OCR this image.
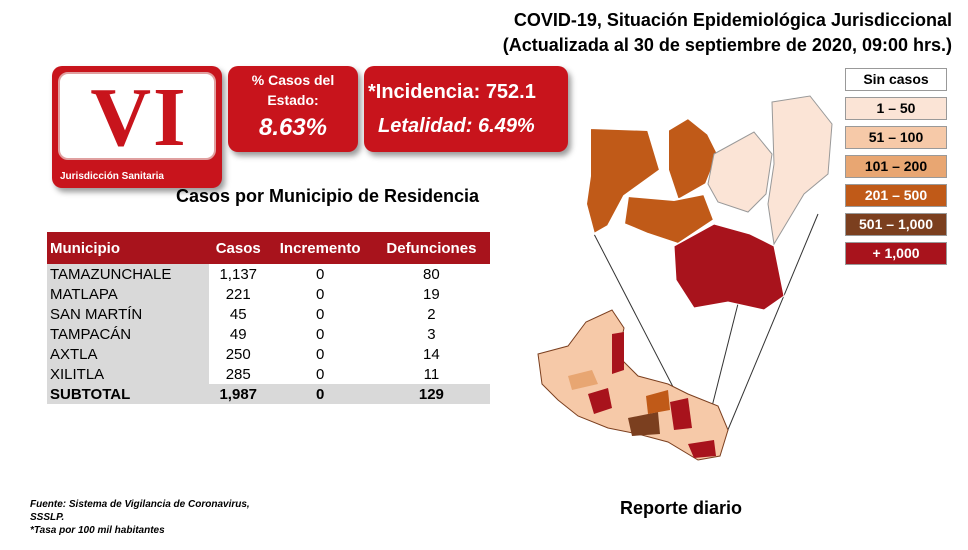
COVID-19, Situación Epidemiológica Jurisdiccional
(Actualizada al 30 de septiembre de 2020, 09:00 hrs.)
VI
Jurisdicción Sanitaria
% Casos del Estado:
8.63%
*Incidencia: 752.1
Letalidad: 6.49%
Casos por Municipio de Residencia
Municipio	Casos	Incremento	Defunciones
TAMAZUNCHALE	1,137	0	80
MATLAPA	221	0	19
SAN MARTÍN	45	0	2
TAMPACÁN	49	0	3
AXTLA	250	0	14
XILITLA	285	0	11
SUBTOTAL	1,987	0	129
Sin casos
1 – 50
51 – 100
101 – 200
201 – 500
501 – 1,000
+ 1,000
Fuente: Sistema de Vigilancia de Coronavirus,
SSSLP.
*Tasa por 100 mil habitantes
Reporte diario
